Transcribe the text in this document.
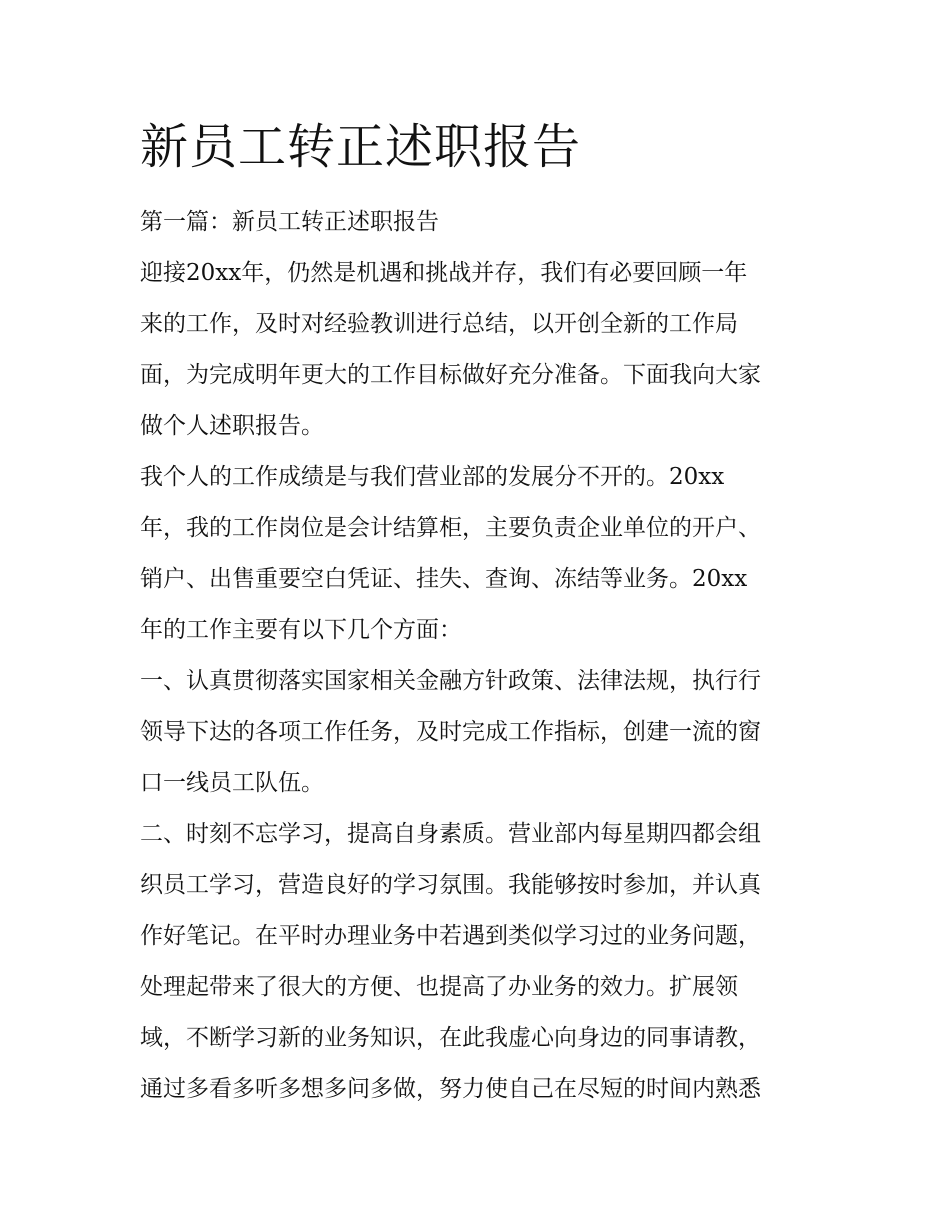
新员工转正述职报告

第一篇：新员工转正述职报告

迎接20xx年，仍然是机遇和挑战并存，我们有必要回顾一年

来的工作，及时对经验教训进行总结，以开创全新的工作局

面，为完成明年更大的工作目标做好充分准备。下面我向大家

做个人述职报告。

我个人的工作成绩是与我们营业部的发展分不开的。20xx

年，我的工作岗位是会计结算柜，主要负责企业单位的开户、

销户、出售重要空白凭证、挂失、查询、冻结等业务。20xx

年的工作主要有以下几个方面：

一、认真贯彻落实国家相关金融方针政策、法律法规，执行行

领导下达的各项工作任务，及时完成工作指标，创建一流的窗

口一线员工队伍。

二、时刻不忘学习，提高自身素质。营业部内每星期四都会组

织员工学习，营造良好的学习氛围。我能够按时参加，并认真

作好笔记。在平时办理业务中若遇到类似学习过的业务问题，

处理起带来了很大的方便、也提高了办业务的效力。扩展领

域，不断学习新的业务知识，在此我虚心向身边的同事请教，

通过多看多听多想多问多做，努力使自己在尽短的时间内熟悉
